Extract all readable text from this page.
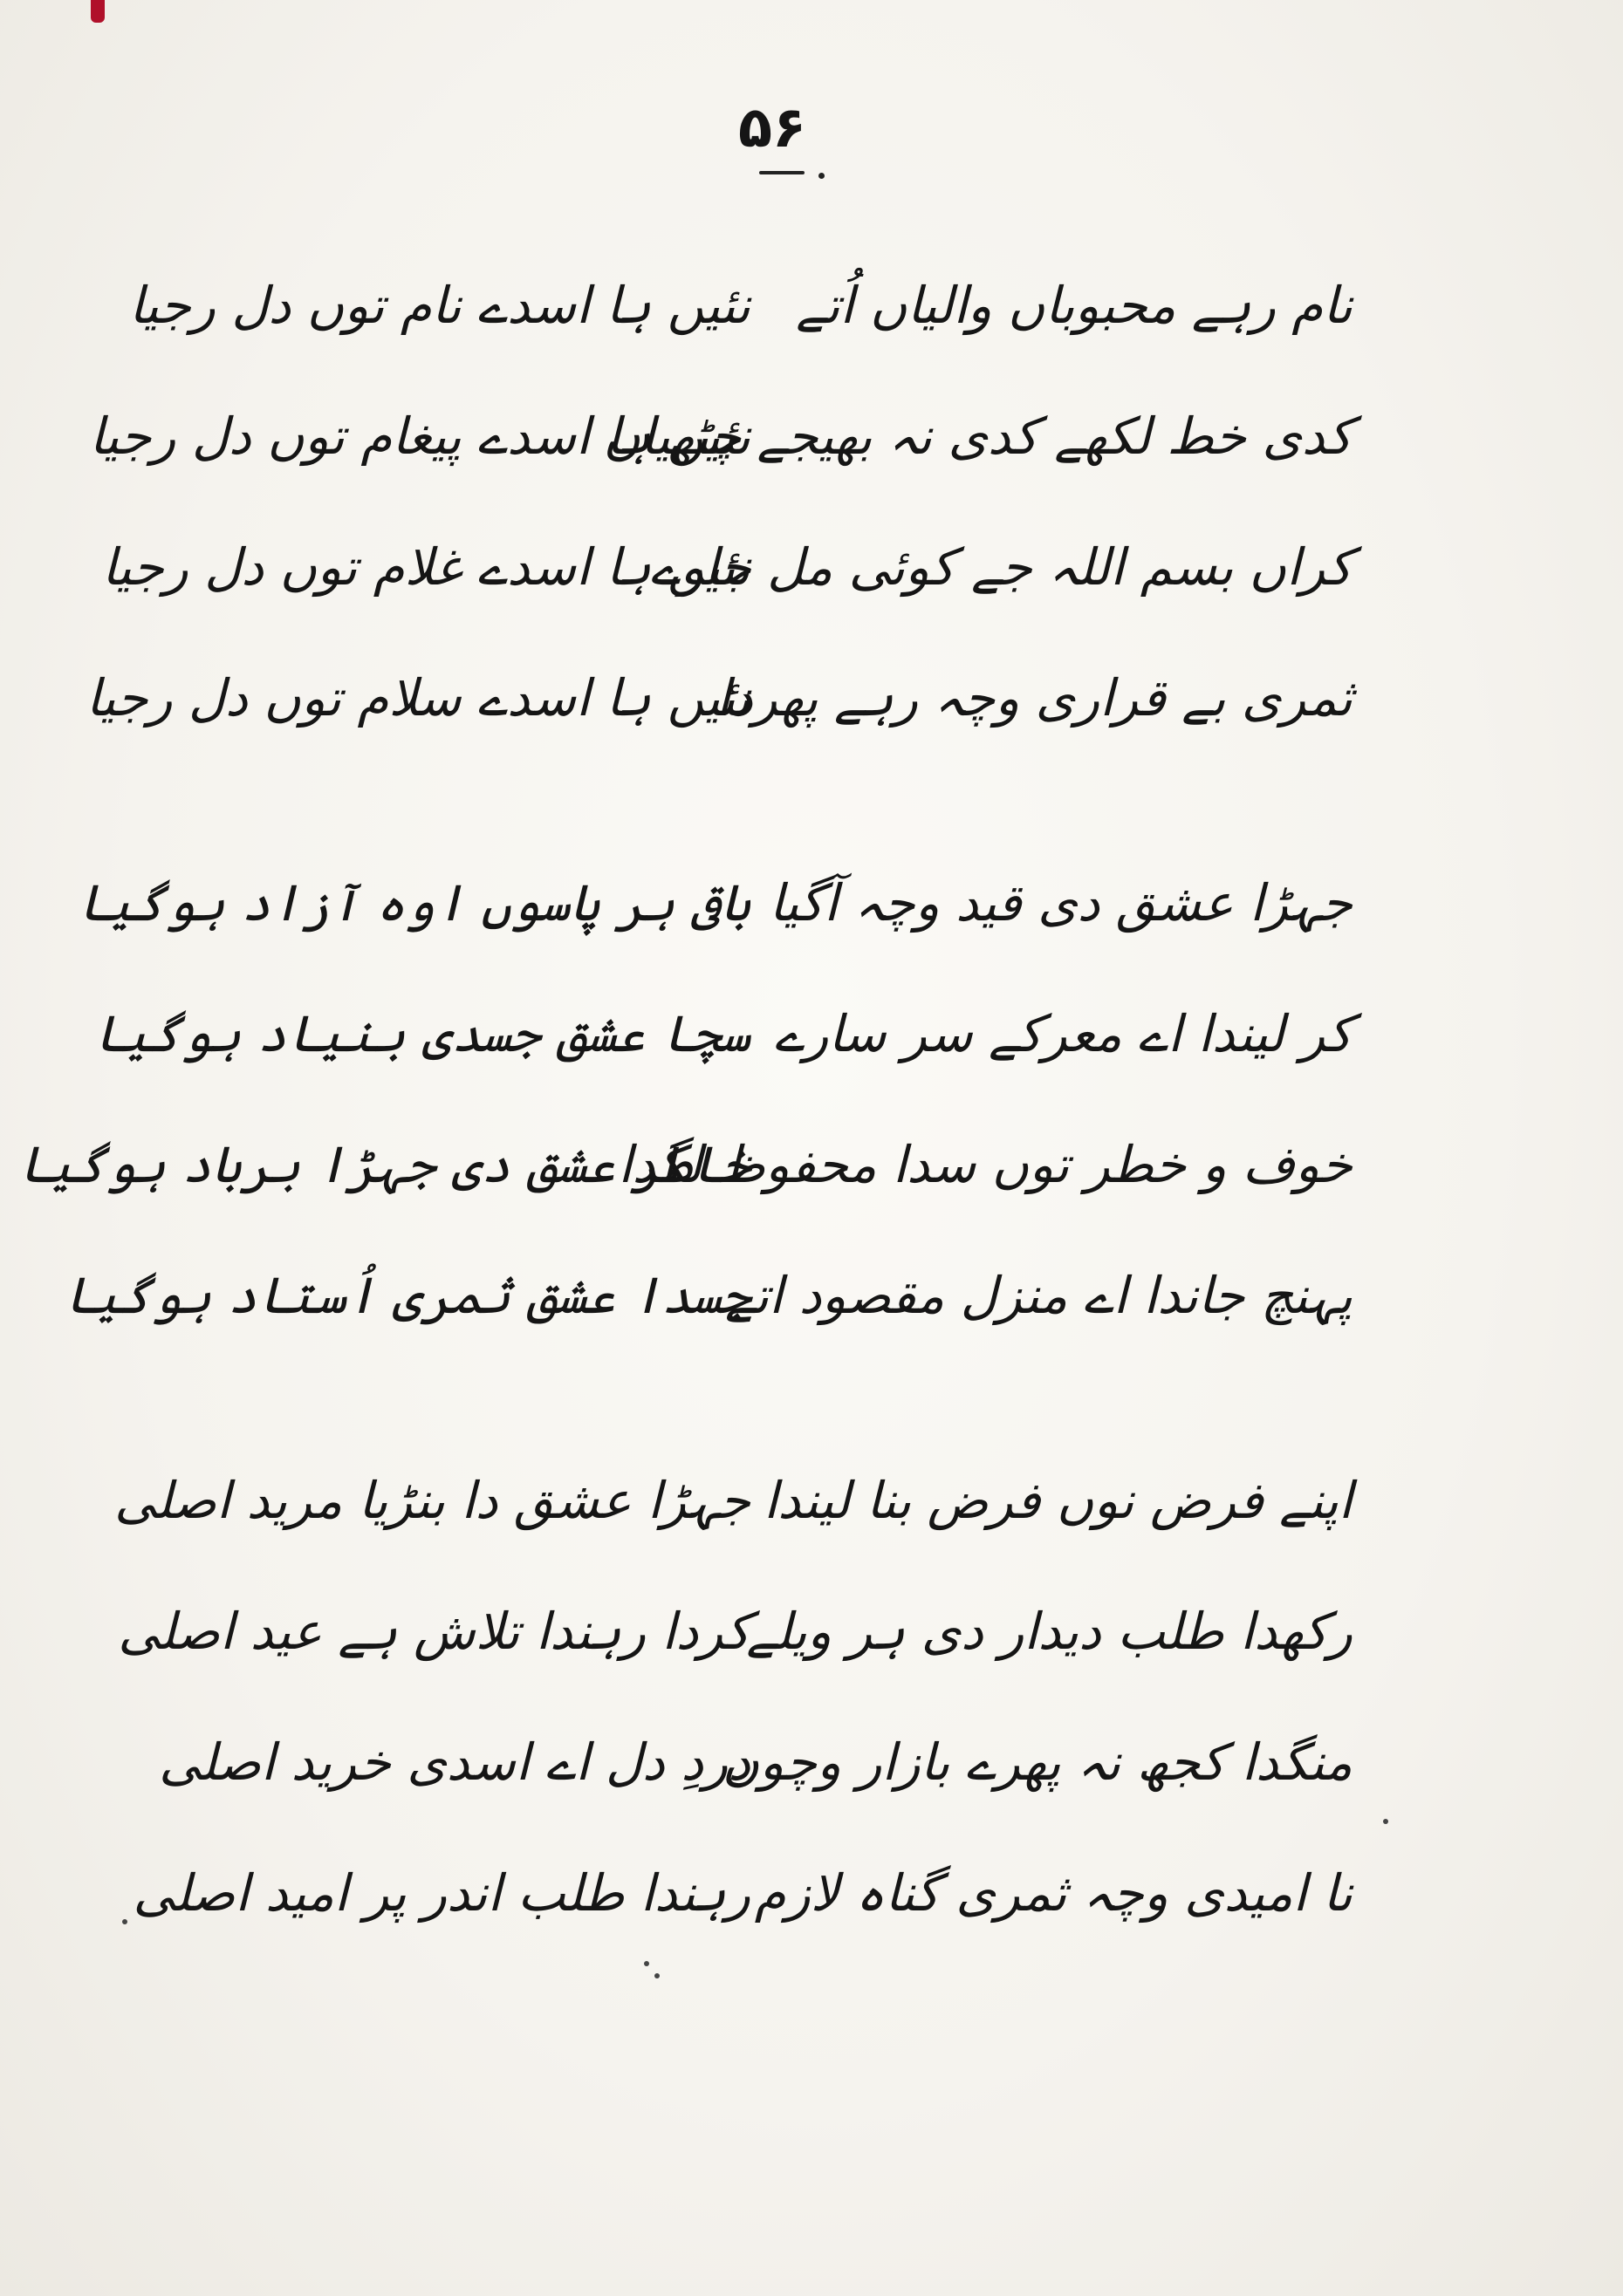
۵۶
نام رہے محبوباں والیاں اُتے
نئیں ہا اسدے نام توں دل رجیا
کدی خط لکھے کدی نہ بھیجے چٹھیاں
نئیں ہا اسدے پیغام توں دل رجیا
کراں بسم اللہ جے کوئی مل جاوے
نئیں ہا اسدے غلام توں دل رجیا
ثمری بے قراری وچہ رہے پھردا
نئیں ہا اسدے سلام توں دل رجیا
جہڑا عشق دی قید وچہ آگیا
باقی ہر پاسوں اوہ آزاد ہوگیا
کر لیندا اے معرکے سر سارے
سچا عشق جسدی بنیاد ہوگیا
خوف و خطر توں سدا محفوظ لگدا
خاطر عشق دی جہڑا برباد ہوگیا
پہنچ جاندا اے منزل مقصود اتے
جسدا عشق ثمری اُستاد ہوگیا
اپنے فرض نوں فرض بنا لیندا
جہڑا عشق دا بنڑیا مرید اصلی
رکھدا طلب دیدار دی ہر ویلے
کردا رہندا تلاش ہے عید اصلی
منگدا کجھ نہ پھرے بازار وچوں
دردِ دل اے اسدی خرید اصلی
نا امیدی وچہ ثمری گناہ لازم
رہندا طلب اندر پر امید اصلی
